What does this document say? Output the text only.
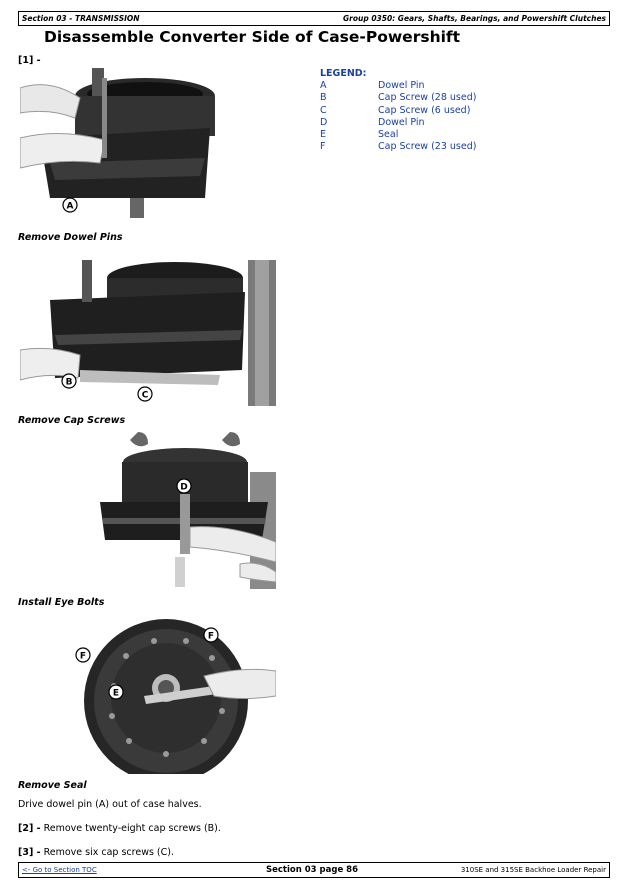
Section 03 - TRANSMISSION	Group 0350: Gears, Shafts, Bearings, and Powershift Clutches
Disassemble Converter Side of Case-Powershift
[1] -
A
LEGEND:
A	Dowel Pin
B	Cap Screw (28 used)
C	Cap Screw (6 used)
D	Dowel Pin
E	Seal
F	Cap Screw (23 used)
Remove Dowel Pins
B
C
Remove Cap Screws
D
Install Eye Bolts
F
F
E
Remove Seal
Drive dowel pin (A) out of case halves.
[2] - Remove twenty-eight cap screws (B).
[3] - Remove six cap screws (C).
<- Go to Section TOC	Section 03 page 86	310SE and 315SE Backhoe Loader Repair
